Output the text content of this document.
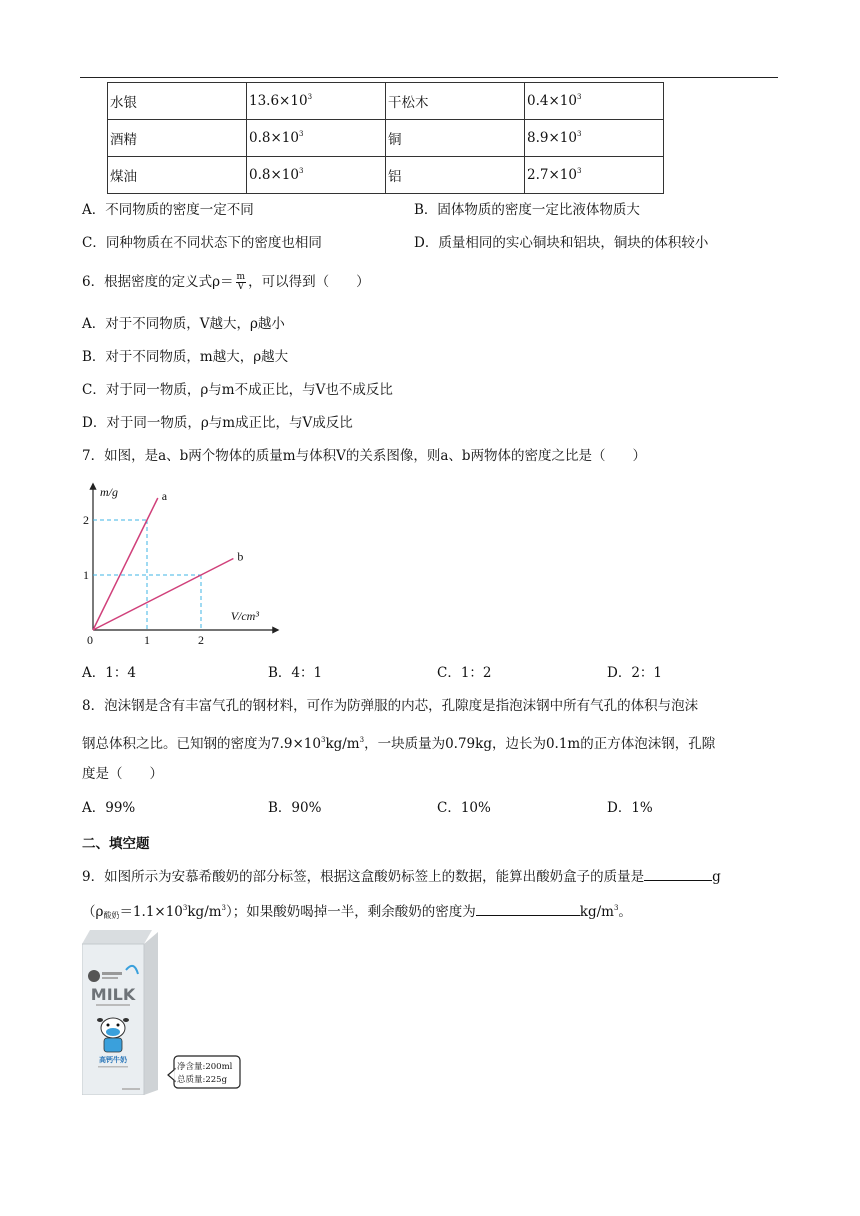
水银	$13.6\times 10^3$	干松木	$0.4\times 10^3$
酒精	$0.8\times 10^3$	铜	$8.9\times 10^3$
煤油	$0.8\times 10^3$	铝	$2.7\times 10^3$
A．不同物质的密度一定不同	B．固体物质的密度一定比液体物质大
C．同种物质在不同状态下的密度也相同	D．质量相同的实心铜块和铝块，铜块的体积较小
6．根据密度的定义式$\rho= \frac{m}{V}$ ，可以得到（　　）
A．对于不同物质，V越大，ρ越小
B．对于不同物质，m越大，ρ越大
C．对于同一物质，ρ与m不成正比，与V也不成反比
D．对于同一物质，ρ与m成正比，与V成反比
7．如图，是a、b两个物体的质量m与体积V的关系图像，则a、b两物体的密度之比是（　　）
a
b
1	2
1
2
0
m/g
V/cm³
A．1：4	B．4：1	C．1：2	D．2：1
8．泡沫钢是含有丰富气孔的钢材料，可作为防弹服的内芯，孔隙度是指泡沫钢中所有气孔的体积与泡沫
钢总体积之比。已知钢的密度为$7.9\times 10^3kg/m^3$，一块质量为0.79kg，边长为0.1m的正方体泡沫钢，孔隙
度是（　　）
A．99%	B．90%	C．10%	D．1%
二、填空题
9．如图所示为安慕希酸奶的部分标签，根据这盒酸奶标签上的数据，能算出酸奶盒子的质量是	g
$(\rho_{酸奶}=1.1\times 10^3kg/m^3)$；如果酸奶喝掉一半，剩余酸奶的密度为	$kg/m^3$。
MILK
高钙牛奶
净含量:200ml
总质量:225g
